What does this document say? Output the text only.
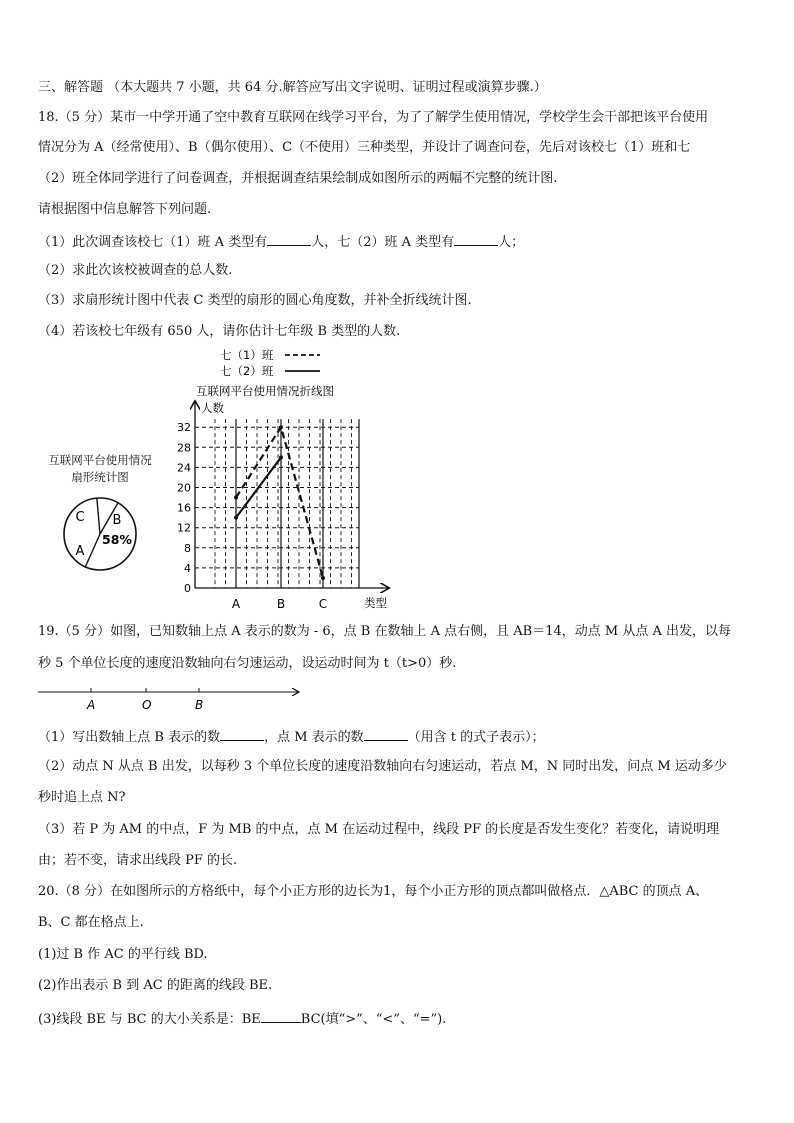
三、解答题 （本大题共 7 小题，共 64 分.解答应写出文字说明、证明过程或演算步骤.）
18.（5 分）某市一中学开通了空中教育互联网在线学习平台，为了了解学生使用情况，学校学生会干部把该平台使用
情况分为 A（经常使用）、B（偶尔使用）、C（不使用）三种类型，并设计了调查问卷，先后对该校七（1）班和七
（2）班全体同学进行了问卷调查，并根据调查结果绘制成如图所示的两幅不完整的统计图.
请根据图中信息解答下列问题.
（1）此次调查该校七（1）班 A 类型有	人，七（2）班 A 类型有	人；
（2）求此次该校被调查的总人数.
（3）求扇形统计图中代表 C 类型的扇形的圆心角度数，并补全折线统计图.
（4）若该校七年级有 650 人，请你估计七年级 B 类型的人数.
互联网平台使用情况
扇形统计图
B
58%
A
C
七（1）班
七（2）班
互联网平台使用情况折线图
人数
类型
0
4
8
12
16
20
24
28
32
A	B	C
19.（5 分）如图，已知数轴上点 A 表示的数为 - 6，点 B 在数轴上 A 点右侧，且 AB＝14，动点 M 从点 A 出发，以每
秒 5 个单位长度的速度沿数轴向右匀速运动，设运动时间为 t（t>0）秒.
A	O	B
（1）写出数轴上点 B 表示的数	，点 M 表示的数	（用含 t 的式子表示）；
（2）动点 N 从点 B 出发，以每秒 3 个单位长度的速度沿数轴向右匀速运动，若点 M，N 同时出发，问点 M 运动多少
秒时追上点 N?
（3）若 P 为 AM 的中点，F 为 MB 的中点，点 M 在运动过程中，线段 PF 的长度是否发生变化？若变化，请说明理
由；若不变，请求出线段 PF 的长.
20.（8 分）在如图所示的方格纸中，每个小正方形的边长为1，每个小正方形的顶点都叫做格点．△ABC 的顶点 A、
B、C 都在格点上.
(1)过 B 作 AC 的平行线 BD.
(2)作出表示 B 到 AC 的距离的线段 BE.
(3)线段 BE 与 BC 的大小关系是：BE	BC(填“>”、“<”、“=”).
